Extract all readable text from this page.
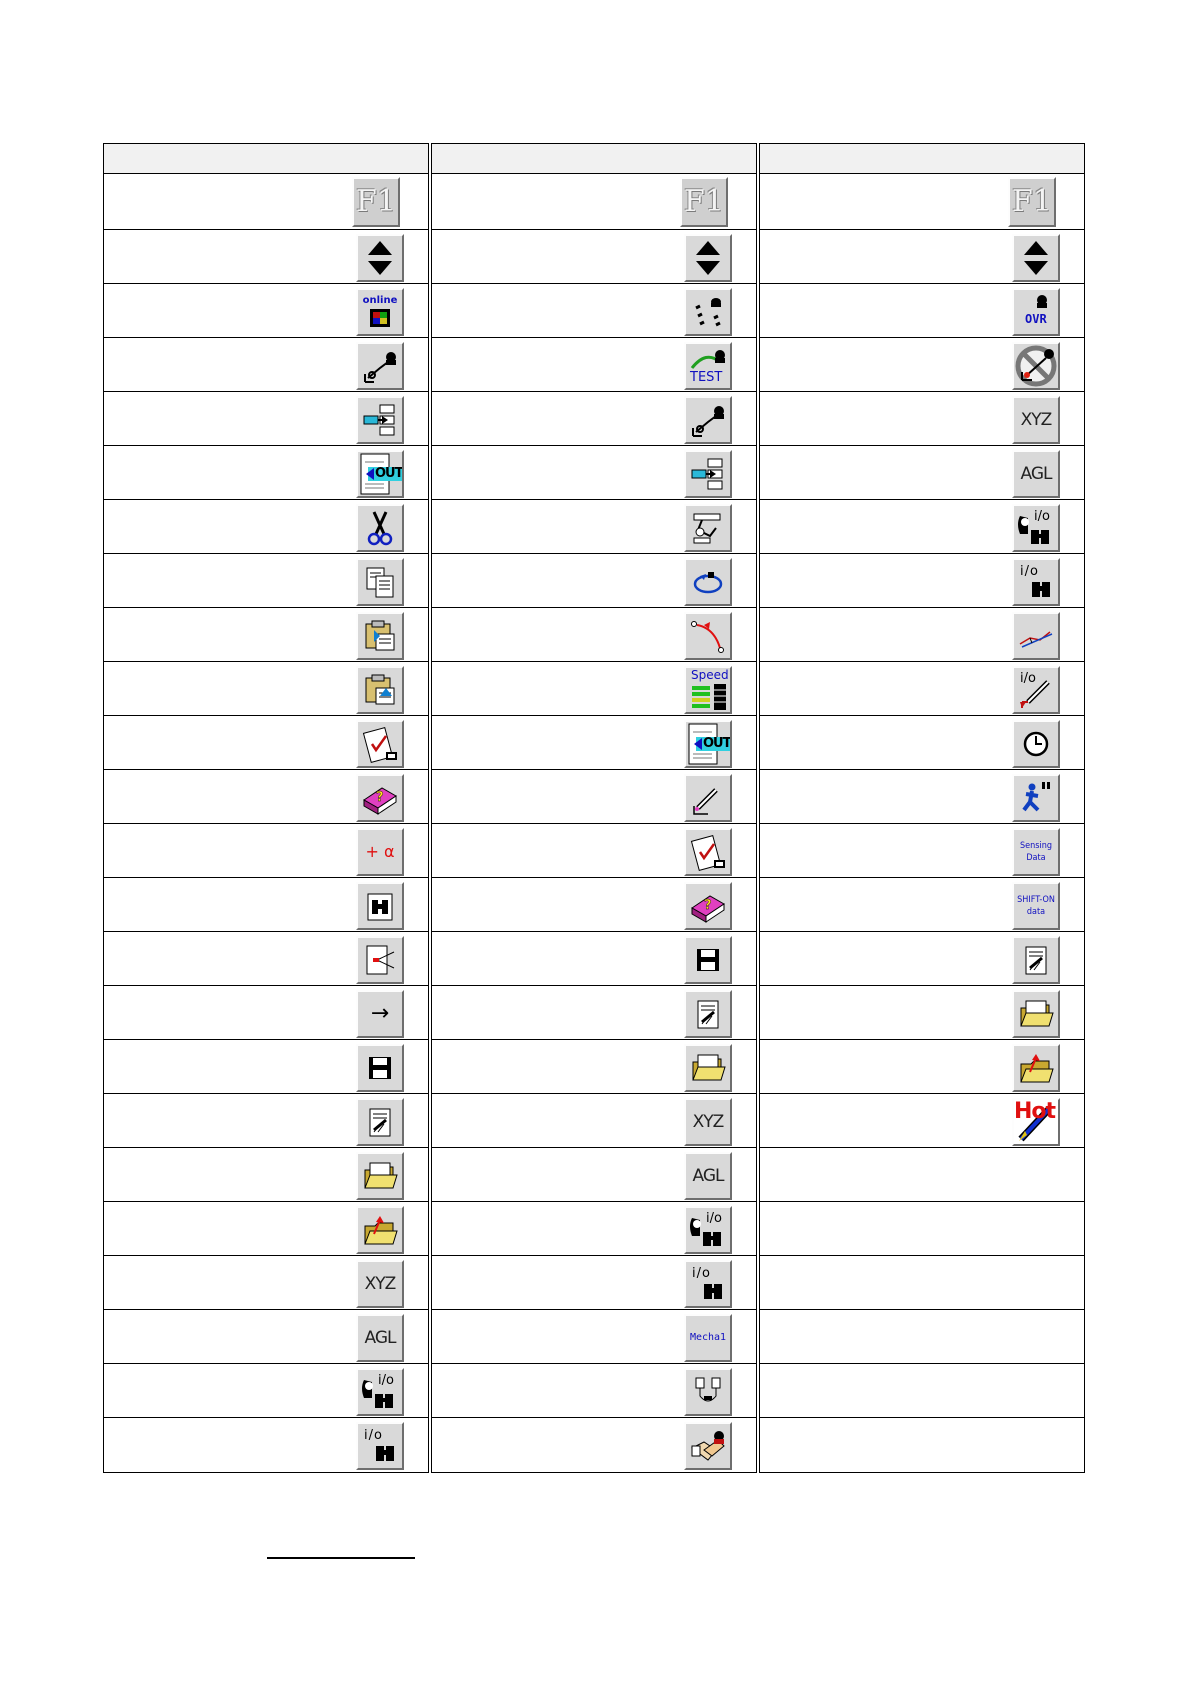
F1
online
OUT
?
+ α
→
XYZ
AGL
i/o
i/o
F1
TEST
Speed
OUT
?
XYZ
AGL
i/o
i/o
Mecha1
F1
OVR
XYZ
AGL
i/o
i/o
i/o
Sensing
Data
SHIFT-ON
data
Hot
